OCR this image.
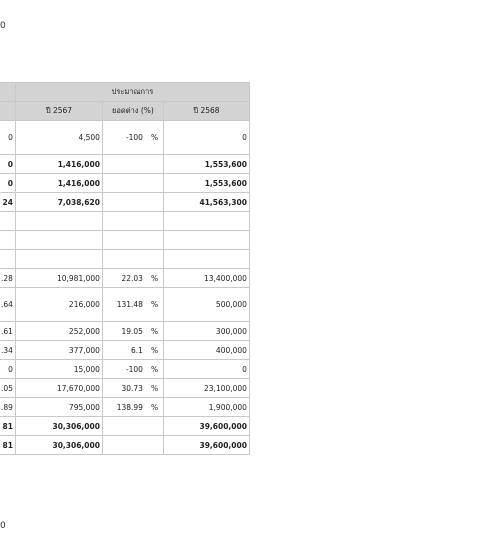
0
	ประมาณการ		
	ปี 2567	ยอดต่าง (%)	ปี 2568
0	4,500	-100 %	0
0	1,416,000		1,553,600
0	1,416,000		1,553,600
24	7,038,620		41,563,300

.28	10,981,000	22.03 %	13,400,000
.64	216,000	131.48 %	500,000
.61	252,000	19.05 %	300,000
.34	377,000	6.1 %	400,000
0	15,000	-100 %	0
.05	17,670,000	30.73 %	23,100,000
.89	795,000	138.99 %	1,900,000
81	30,306,000		39,600,000
81	30,306,000		39,600,000
0
